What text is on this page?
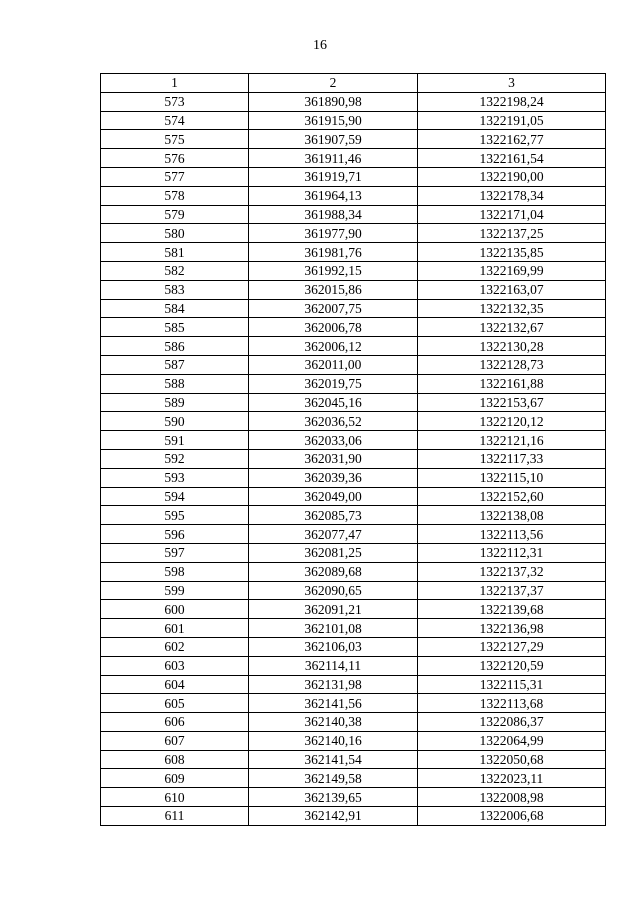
16
1	2	3
573	361890,98	1322198,24
574	361915,90	1322191,05
575	361907,59	1322162,77
576	361911,46	1322161,54
577	361919,71	1322190,00
578	361964,13	1322178,34
579	361988,34	1322171,04
580	361977,90	1322137,25
581	361981,76	1322135,85
582	361992,15	1322169,99
583	362015,86	1322163,07
584	362007,75	1322132,35
585	362006,78	1322132,67
586	362006,12	1322130,28
587	362011,00	1322128,73
588	362019,75	1322161,88
589	362045,16	1322153,67
590	362036,52	1322120,12
591	362033,06	1322121,16
592	362031,90	1322117,33
593	362039,36	1322115,10
594	362049,00	1322152,60
595	362085,73	1322138,08
596	362077,47	1322113,56
597	362081,25	1322112,31
598	362089,68	1322137,32
599	362090,65	1322137,37
600	362091,21	1322139,68
601	362101,08	1322136,98
602	362106,03	1322127,29
603	362114,11	1322120,59
604	362131,98	1322115,31
605	362141,56	1322113,68
606	362140,38	1322086,37
607	362140,16	1322064,99
608	362141,54	1322050,68
609	362149,58	1322023,11
610	362139,65	1322008,98
611	362142,91	1322006,68
